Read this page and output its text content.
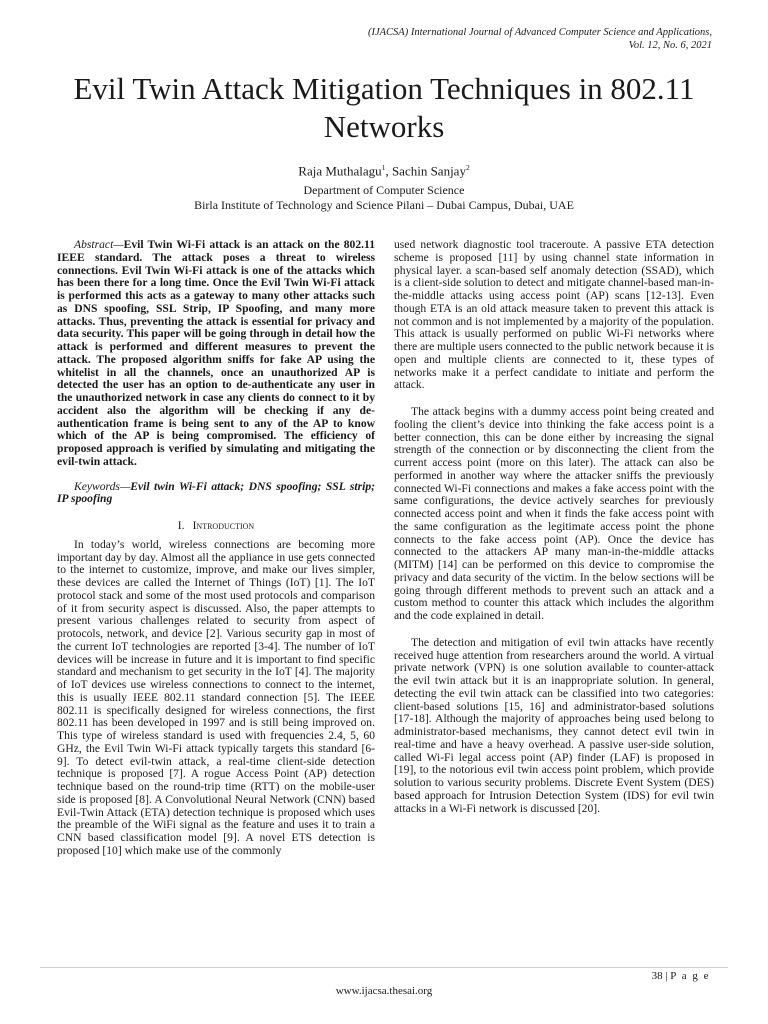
(IJACSA) International Journal of Advanced Computer Science and Applications,
Vol. 12, No. 6, 2021
Evil Twin Attack Mitigation Techniques in 802.11
Networks
Raja Muthalagu$^1$, Sachin Sanjay$^2$
Department of Computer Science
Birla Institute of Technology and Science Pilani – Dubai Campus, Dubai, UAE

Abstract—Evil Twin Wi-Fi attack is an attack on the 802.11 IEEE standard. The attack poses a threat to wireless connections. Evil Twin Wi-Fi attack is one of the attacks which has been there for a long time. Once the Evil Twin Wi-Fi attack is performed this acts as a gateway to many other attacks such as DNS spoofing, SSL Strip, IP Spoofing, and many more attacks. Thus, preventing the attack is essential for privacy and data security. This paper will be going through in detail how the attack is performed and different measures to prevent the attack. The proposed algorithm sniffs for fake AP using the whitelist in all the channels, once an unauthorized AP is detected the user has an option to de-authenticate any user in the unauthorized network in case any clients do connect to it by accident also the algorithm will be checking if any de-authentication frame is being sent to any of the AP to know which of the AP is being compromised. The efficiency of proposed approach is verified by simulating and mitigating the evil-twin attack.

Keywords—Evil twin Wi-Fi attack; DNS spoofing; SSL strip; IP spoofing

I. Introduction

In today’s world, wireless connections are becoming more important day by day. Almost all the appliance in use gets connected to the internet to customize, improve, and make our lives simpler, these devices are called the Internet of Things (IoT) [1]. The IoT protocol stack and some of the most used protocols and comparison of it from security aspect is discussed. Also, the paper attempts to present various challenges related to security from aspect of protocols, network, and device [2]. Various security gap in most of the current IoT technologies are reported [3-4]. The number of IoT devices will be increase in future and it is important to find specific standard and mechanism to get security in the IoT [4]. The majority of IoT devices use wireless connections to connect to the internet, this is usually IEEE 802.11 standard connection [5]. The IEEE 802.11 is specifically designed for wireless connections, the first 802.11 has been developed in 1997 and is still being improved on. This type of wireless standard is used with frequencies 2.4, 5, 60 GHz, the Evil Twin Wi-Fi attack typically targets this standard [6-9]. To detect evil-twin attack, a real-time client-side detection technique is proposed [7]. A rogue Access Point (AP) detection technique based on the round-trip time (RTT) on the mobile-user side is proposed [8]. A Convolutional Neural Network (CNN) based Evil-Twin Attack (ETA) detection technique is proposed which uses the preamble of the WiFi signal as the feature and uses it to train a CNN based classification model [9]. A novel ETS detection is proposed [10] which make use of the commonly

used network diagnostic tool traceroute. A passive ETA detection scheme is proposed [11] by using channel state information in physical layer. a scan-based self anomaly detection (SSAD), which is a client-side solution to detect and mitigate channel-based man-in-the-middle attacks using access point (AP) scans [12-13]. Even though ETA is an old attack measure taken to prevent this attack is not common and is not implemented by a majority of the population. This attack is usually performed on public Wi-Fi networks where there are multiple users connected to the public network because it is open and multiple clients are connected to it, these types of networks make it a perfect candidate to initiate and perform the attack.

The attack begins with a dummy access point being created and fooling the client’s device into thinking the fake access point is a better connection, this can be done either by increasing the signal strength of the connection or by disconnecting the client from the current access point (more on this later). The attack can also be performed in another way where the attacker sniffs the previously connected Wi-Fi connections and makes a fake access point with the same configurations, the device actively searches for previously connected access point and when it finds the fake access point with the same configuration as the legitimate access point the phone connects to the fake access point (AP). Once the device has connected to the attackers AP many man-in-the-middle attacks (MITM) [14] can be performed on this device to compromise the privacy and data security of the victim. In the below sections will be going through different methods to prevent such an attack and a custom method to counter this attack which includes the algorithm and the code explained in detail.

The detection and mitigation of evil twin attacks have recently received huge attention from researchers around the world. A virtual private network (VPN) is one solution available to counter-attack the evil twin attack but it is an inappropriate solution. In general, detecting the evil twin attack can be classified into two categories: client-based solutions [15, 16] and administrator-based solutions [17-18]. Although the majority of approaches being used belong to administrator-based mechanisms, they cannot detect evil twin in real-time and have a heavy overhead. A passive user-side solution, called Wi-Fi legal access point (AP) finder (LAF) is proposed in [19], to the notorious evil twin access point problem, which provide solution to various security problems. Discrete Event System (DES) based approach for Intrusion Detection System (IDS) for evil twin attacks in a Wi-Fi network is discussed [20].

38 | P a g e
www.ijacsa.thesai.org
